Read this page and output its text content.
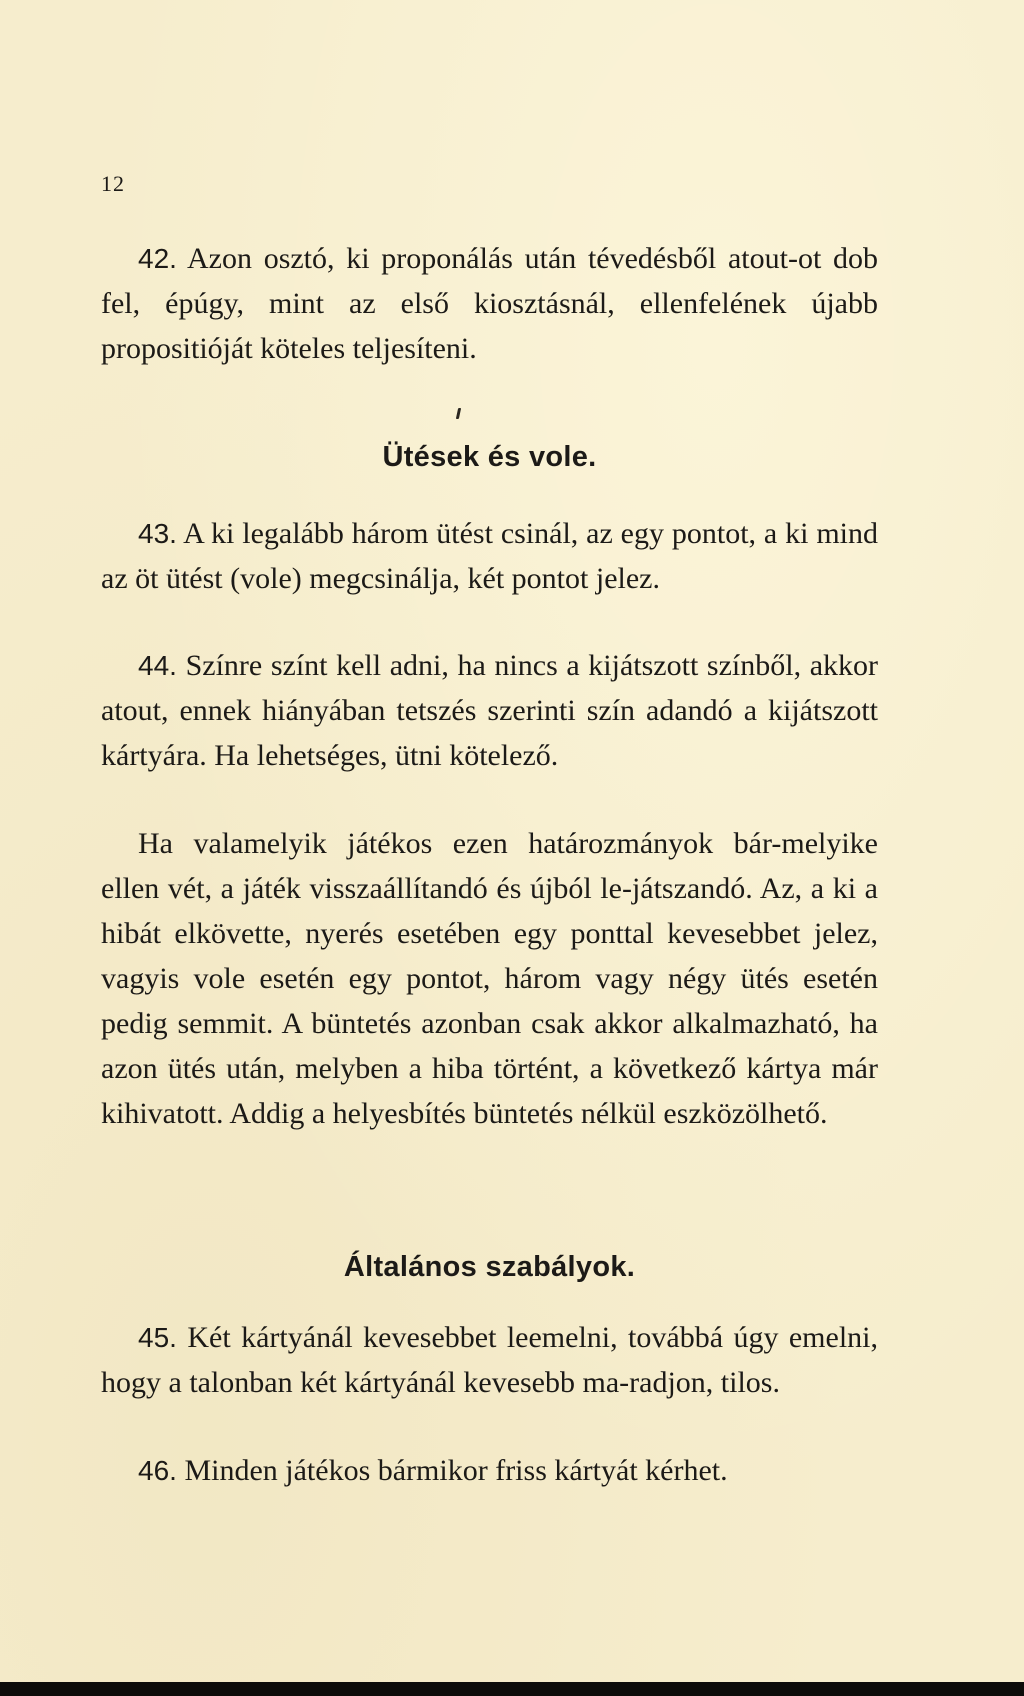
12

42. Azon osztó, ki proponálás után tévedésből atout-ot dob fel, épúgy, mint az első kiosztásnál, ellenfelének újabb propositióját köteles teljesíteni.

Ütések és vole.

43. A ki legalább három ütést csinál, az egy pontot, a ki mind az öt ütést (vole) megcsinálja, két pontot jelez.

44. Színre színt kell adni, ha nincs a kijátszott színből, akkor atout, ennek hiányában tetszés szerinti szín adandó a kijátszott kártyára. Ha lehetséges, ütni kötelező.

Ha valamelyik játékos ezen határozmányok bár-melyike ellen vét, a játék visszaállítandó és újból le-játszandó. Az, a ki a hibát elkövette, nyerés esetében egy ponttal kevesebbet jelez, vagyis vole esetén egy pontot, három vagy négy ütés esetén pedig semmit. A büntetés azonban csak akkor alkalmazható, ha azon ütés után, melyben a hiba történt, a következő kártya már kihivatott. Addig a helyesbítés büntetés nélkül eszközölhető.

Általános szabályok.

45. Két kártyánál kevesebbet leemelni, továbbá úgy emelni, hogy a talonban két kártyánál kevesebb ma-radjon, tilos.

46. Minden játékos bármikor friss kártyát kérhet.
